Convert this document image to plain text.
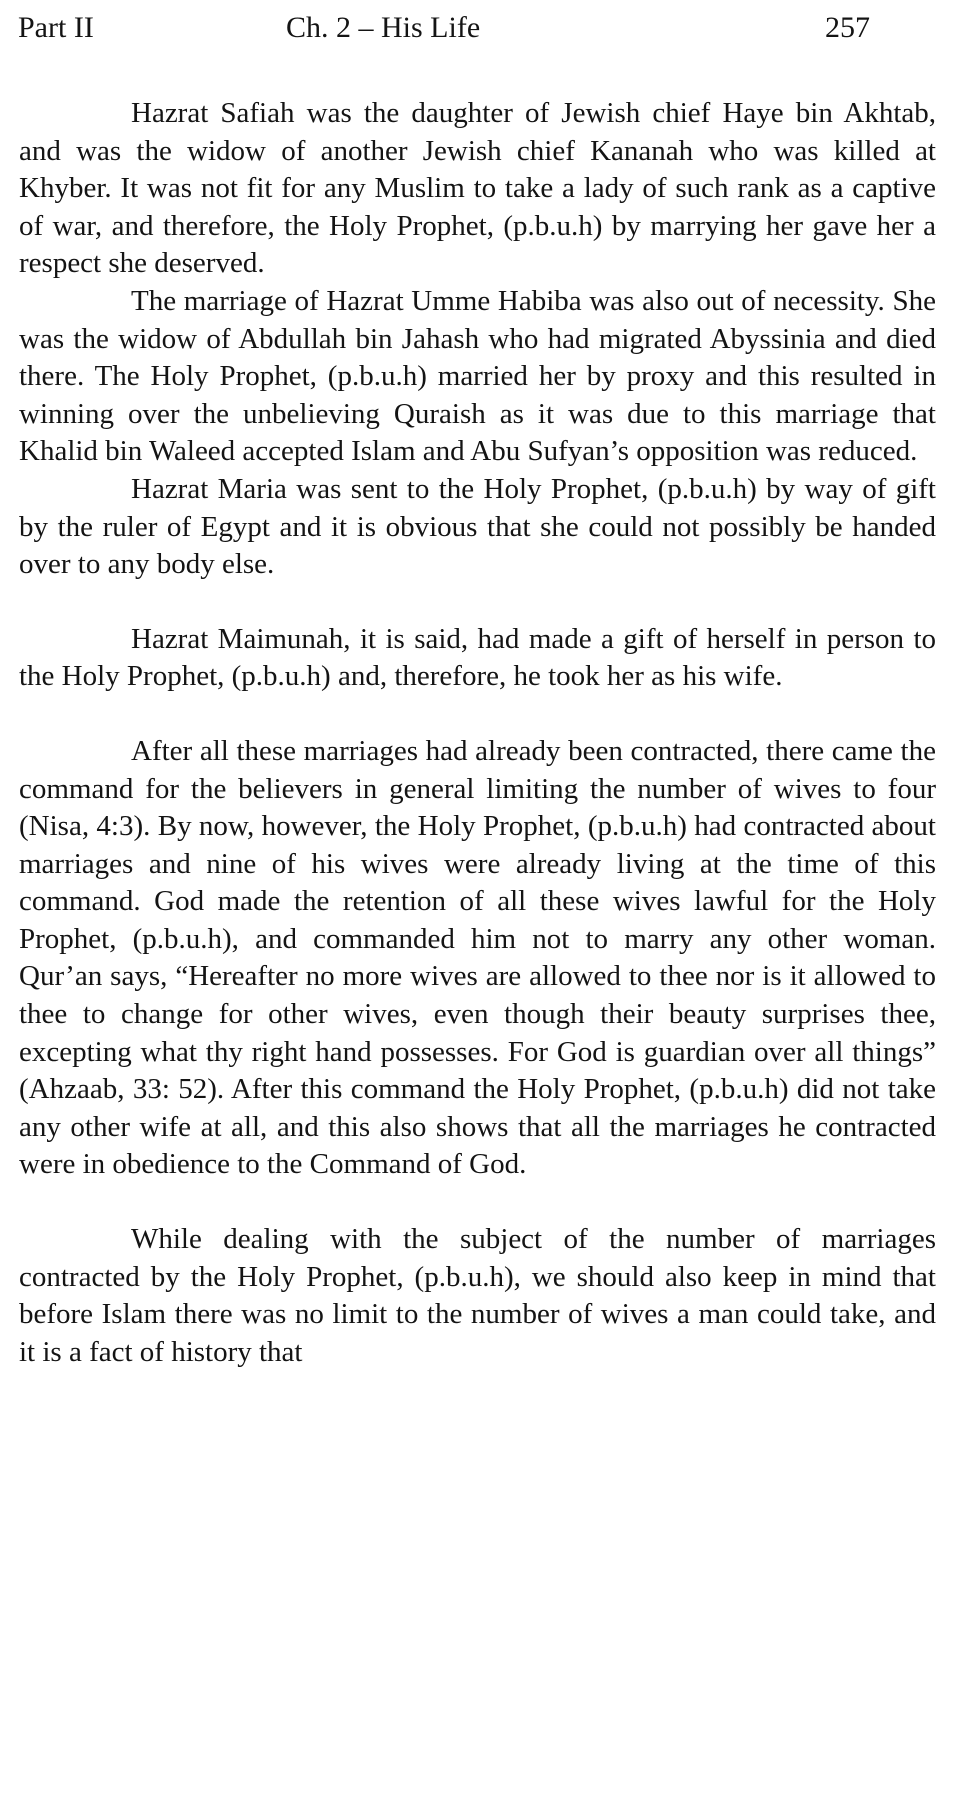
Part II	Ch. 2 – His Life	257

Hazrat Safiah was the daughter of Jewish chief Haye bin Akhtab, and was the widow of another Jewish chief Kananah who was killed at Khyber. It was not fit for any Muslim to take a lady of such rank as a captive of war, and therefore, the Holy Prophet, (p.b.u.h) by marrying her gave her a respect she deserved.

The marriage of Hazrat Umme Habiba was also out of necessity. She was the widow of Abdullah bin Jahash who had migrated Abyssinia and died there. The Holy Prophet, (p.b.u.h) married her by proxy and this resulted in winning over the unbelieving Quraish as it was due to this marriage that Khalid bin Waleed accepted Islam and Abu Sufyan’s opposition was reduced.

Hazrat Maria was sent to the Holy Prophet, (p.b.u.h) by way of gift by the ruler of Egypt and it is obvious that she could not possibly be handed over to any body else.

Hazrat Maimunah, it is said, had made a gift of herself in person to the Holy Prophet, (p.b.u.h) and, therefore, he took her as his wife.

After all these marriages had already been contracted, there came the command for the believers in general limiting the number of wives to four (Nisa, 4:3). By now, however, the Holy Prophet, (p.b.u.h) had contracted about marriages and nine of his wives were already living at the time of this command. God made the retention of all these wives lawful for the Holy Prophet, (p.b.u.h), and commanded him not to marry any other woman. Qur’an says, “Hereafter no more wives are allowed to thee nor is it allowed to thee to change for other wives, even though their beauty surprises thee, excepting what thy right hand possesses. For God is guardian over all things” (Ahzaab, 33: 52). After this command the Holy Prophet, (p.b.u.h) did not take any other wife at all, and this also shows that all the marriages he contracted were in obedience to the Command of God.

While dealing with the subject of the number of marriages contracted by the Holy Prophet, (p.b.u.h), we should also keep in mind that before Islam there was no limit to the number of wives a man could take, and it is a fact of history that
